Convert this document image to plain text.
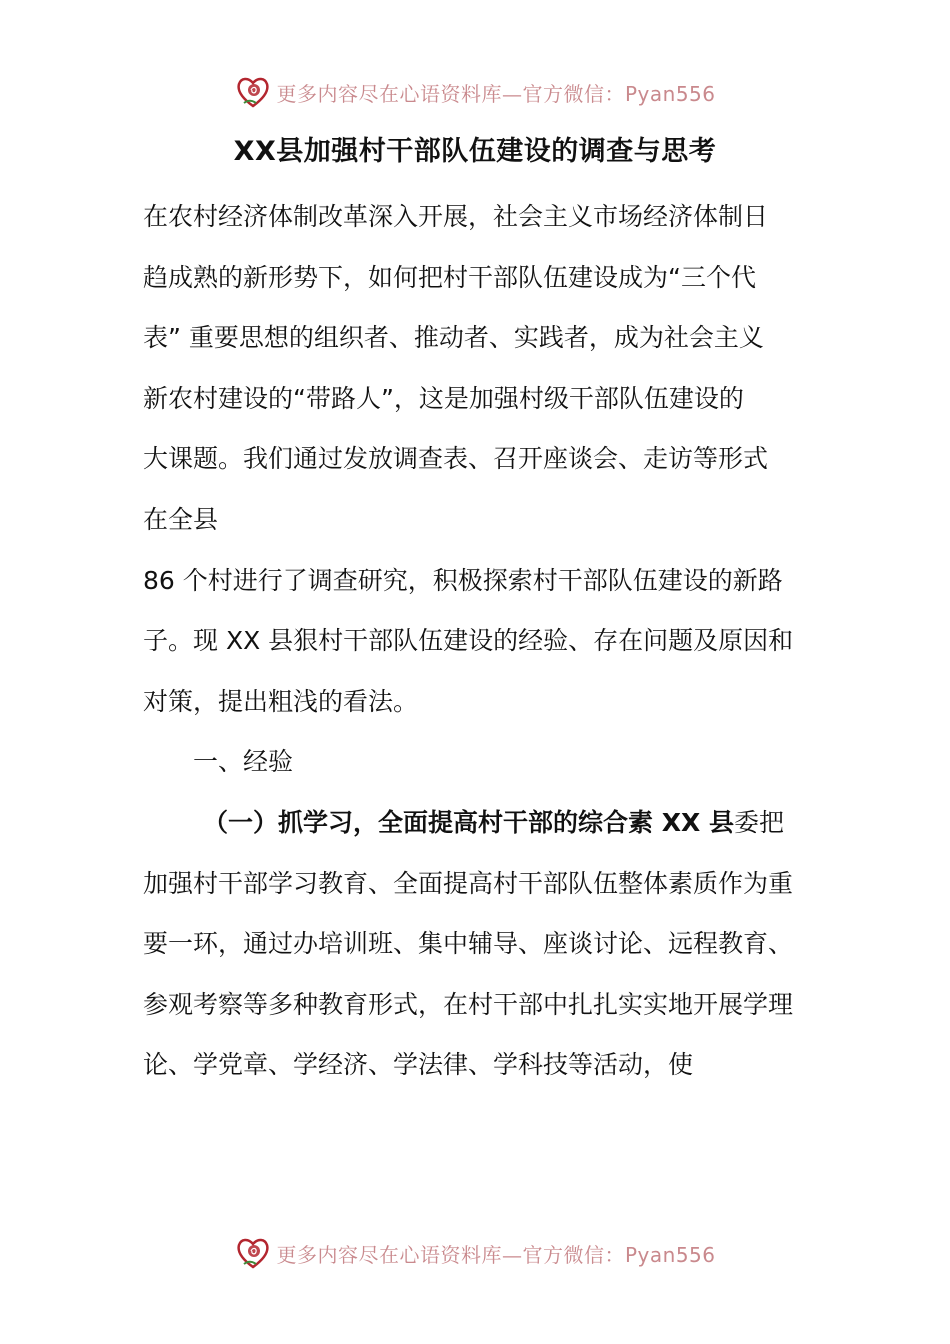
更多内容尽在心语资料库—官方微信：Pyan556
XX县加强村干部队伍建设的调查与思考
在农村经济体制改革深入开展，社会主义市场经济体制日
趋成熟的新形势下，如何把村干部队伍建设成为“三个代
表” 重要思想的组织者、推动者、实践者，成为社会主义
新农村建设的“带路人”，这是加强村级干部队伍建设的
大课题。我们通过发放调查表、召开座谈会、走访等形式
在全县
86 个村进行了调查研究，积极探索村干部队伍建设的新路
子。现 XX 县狠村干部队伍建设的经验、存在问题及原因和
对策，提出粗浅的看法。
一、经验
（一）抓学习，全面提高村干部的综合素 XX 县委把
加强村干部学习教育、全面提高村干部队伍整体素质作为重
要一环，通过办培训班、集中辅导、座谈讨论、远程教育、
参观考察等多种教育形式，在村干部中扎扎实实地开展学理
论、学党章、学经济、学法律、学科技等活动，使
更多内容尽在心语资料库—官方微信：Pyan556
